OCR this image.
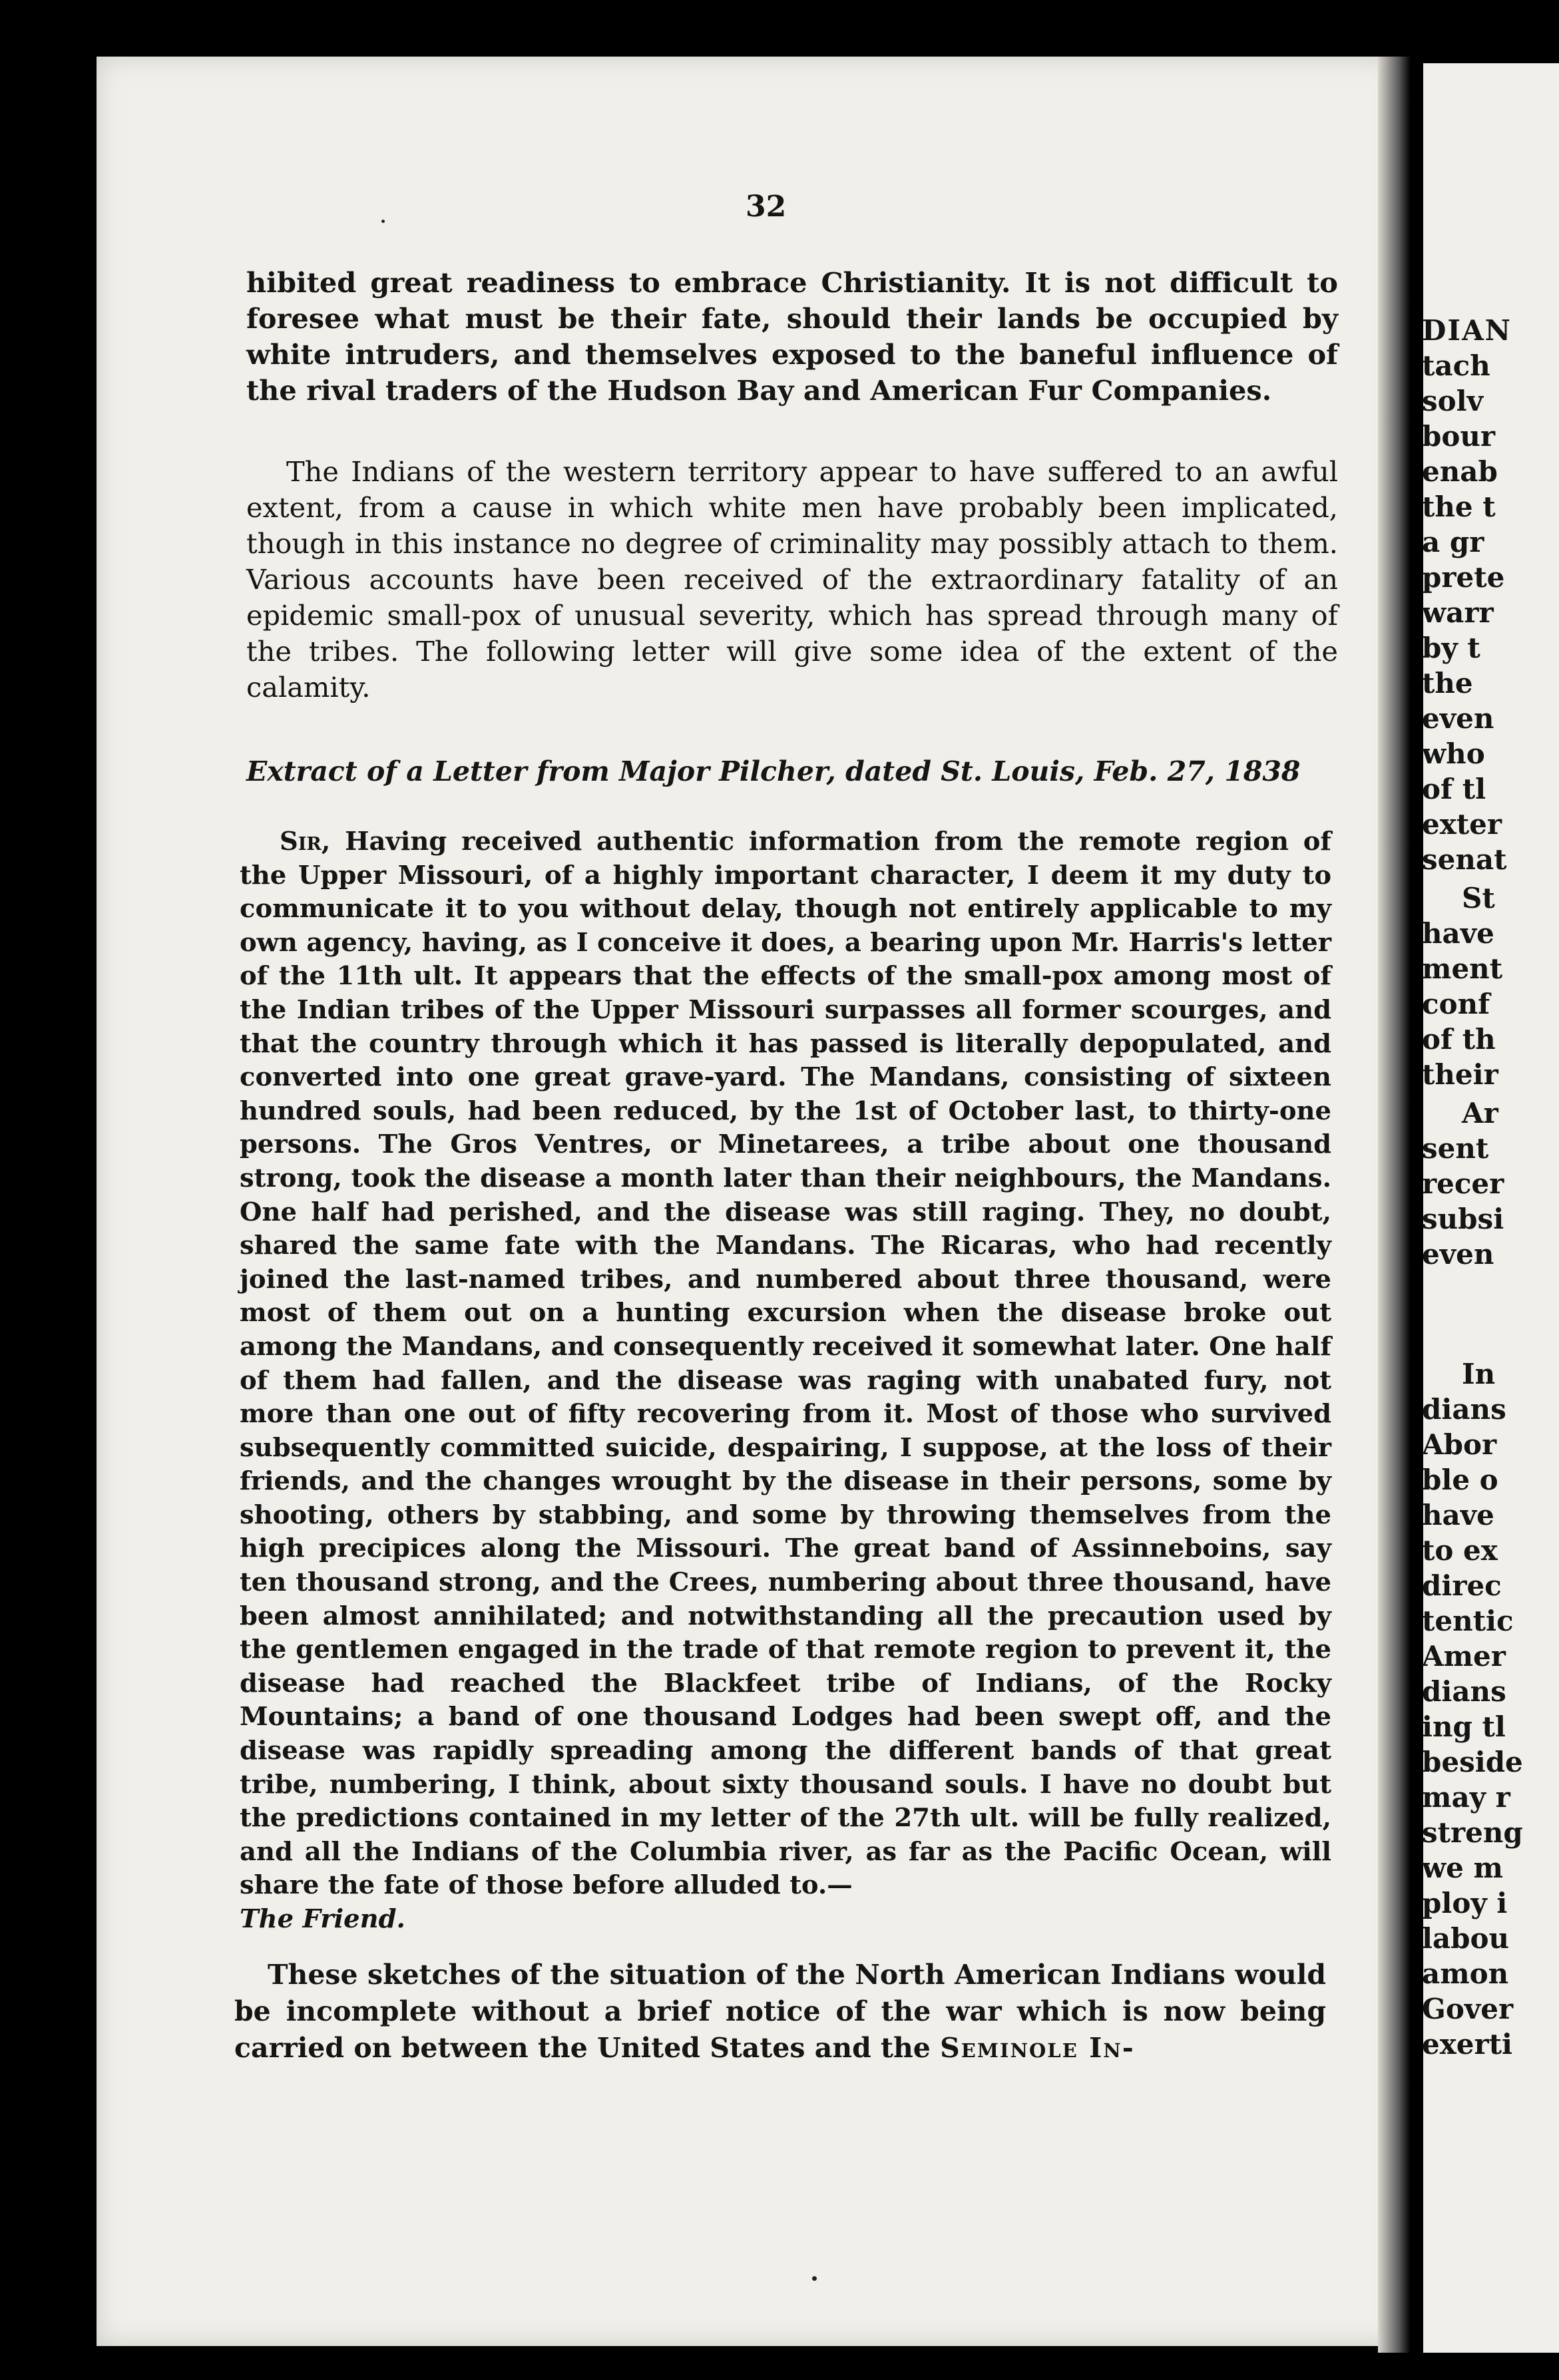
32

hibited great readiness to embrace Christianity. It is not difficult to foresee what must be their fate, should their lands be occupied by white intruders, and themselves exposed to the baneful influence of the rival traders of the Hudson Bay and American Fur Companies.

The Indians of the western territory appear to have suffered to an awful extent, from a cause in which white men have probably been implicated, though in this instance no degree of criminality may possibly attach to them. Various accounts have been received of the extraordinary fatality of an epidemic small-pox of unusual severity, which has spread through many of the tribes. The following letter will give some idea of the extent of the calamity.

Extract of a Letter from Major Pilcher, dated St. Louis, Feb. 27, 1838

Sir, Having received authentic information from the remote region of the Upper Missouri, of a highly important character, I deem it my duty to communicate it to you without delay, though not entirely applicable to my own agency, having, as I conceive it does, a bearing upon Mr. Harris's letter of the 11th ult. It appears that the effects of the small-pox among most of the Indian tribes of the Upper Missouri surpasses all former scourges, and that the country through which it has passed is literally depopulated, and converted into one great grave-yard. The Mandans, consisting of sixteen hundred souls, had been reduced, by the 1st of October last, to thirty-one persons. The Gros Ventres, or Minetarees, a tribe about one thousand strong, took the disease a month later than their neighbours, the Mandans. One half had perished, and the disease was still raging. They, no doubt, shared the same fate with the Mandans. The Ricaras, who had recently joined the last-named tribes, and numbered about three thousand, were most of them out on a hunting excursion when the disease broke out among the Mandans, and consequently received it somewhat later. One half of them had fallen, and the disease was raging with unabated fury, not more than one out of fifty recovering from it. Most of those who survived subsequently committed suicide, despairing, I suppose, at the loss of their friends, and the changes wrought by the disease in their persons, some by shooting, others by stabbing, and some by throwing themselves from the high precipices along the Missouri. The great band of Assinneboins, say ten thousand strong, and the Crees, numbering about three thousand, have been almost annihilated; and notwithstanding all the precaution used by the gentlemen engaged in the trade of that remote region to prevent it, the disease had reached the Blackfeet tribe of Indians, of the Rocky Mountains; a band of one thousand Lodges had been swept off, and the disease was rapidly spreading among the different bands of that great tribe, numbering, I think, about sixty thousand souls. I have no doubt but the predictions contained in my letter of the 27th ult. will be fully realized, and all the Indians of the Columbia river, as far as the Pacific Ocean, will share the fate of those before alluded to.—
The Friend.

These sketches of the situation of the North American Indians would be incomplete without a brief notice of the war which is now being carried on between the United States and the Seminole In-

DIAN
tach
solv
bour
enab
the t
a gr
prete
warr
by t
the
even
who
of tl
exter
senat
St
have
ment
conf
of th
their
Ar
sent
recer
subsi
even
In
dians
Abor
ble o
have
to ex
direc
tentic
Amer
dians
ing tl
beside
may r
streng
we m
ploy i
labou
amon
Gover
exerti
